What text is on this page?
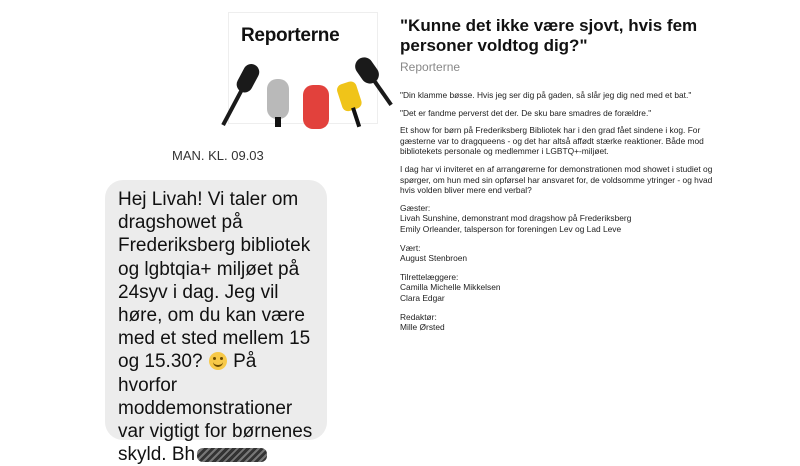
Reporterne
MAN. KL. 09.03

Hej Livah! Vi taler om dragshowet på Frederiksberg bibliotek og lgbtqia+ miljøet på 24syv i dag. Jeg vil høre, om du kan være med et sted mellem 15 og 15.30?  På hvorfor moddemonstrationer var vigtigt for børnenes skyld. Bh

"Kunne det ikke være sjovt, hvis fem personer voldtog dig?"
Reporterne

"Din klamme bøsse. Hvis jeg ser dig på gaden, så slår jeg dig ned med et bat."

"Det er fandme perverst det der. De sku bare smadres de forældre."

Et show for børn på Frederiksberg Bibliotek har i den grad fået sindene i kog. For gæsterne var to dragqueens - og det har altså affødt stærke reaktioner. Både mod bibliotekets personale og medlemmer i LGBTQ+-miljøet.

I dag har vi inviteret en af arrangørerne for demonstrationen mod showet i studiet og spørger, om hun med sin opførsel har ansvaret for, de voldsomme ytringer - og hvad hvis volden bliver mere end verbal?

Gæster:
Livah Sunshine, demonstrant mod dragshow på Frederiksberg
Emily Orleander, talsperson for foreningen Lev og Lad Leve

Vært:
August Stenbroen

Tilrettelæggere:
Camilla Michelle Mikkelsen
Clara Edgar

Redaktør:
Mille Ørsted
